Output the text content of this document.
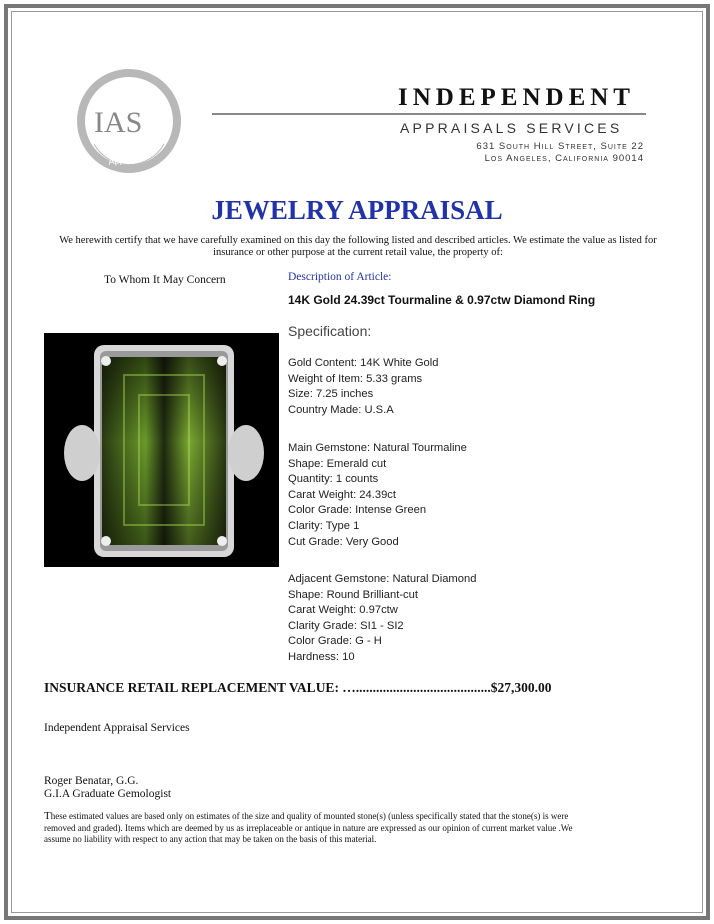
IAS
Appraisal
INDEPENDENT
APPRAISALS SERVICES
631 South Hill Street, Suite 22
Los Angeles, California 90014
JEWELRY APPRAISAL
We herewith certify that we have carefully examined on this day the following listed and described articles. We estimate the value as listed for insurance or other purpose at the current retail value, the property of:
To Whom It May Concern	Description of Article:
14K Gold 24.39ct Tourmaline & 0.97ctw Diamond Ring
Specification:
Gold Content: 14K White Gold
Weight of Item: 5.33 grams
Size: 7.25 inches
Country Made: U.S.A
Main Gemstone: Natural Tourmaline
Shape: Emerald cut
Quantity: 1 counts
Carat Weight: 24.39ct
Color Grade: Intense Green
Clarity: Type 1
Cut Grade: Very Good
Adjacent Gemstone: Natural Diamond
Shape: Round Brilliant-cut
Carat Weight: 0.97ctw
Clarity Grade: SI1 - SI2
Color Grade: G - H
Hardness: 10
INSURANCE RETAIL REPLACEMENT VALUE: …........................................$27,300.00
Independent Appraisal Services
Roger Benatar, G.G.
G.I.A Graduate Gemologist
These estimated values are based only on estimates of the size and quality of mounted stone(s) (unless specifically stated that the stone(s) is were removed and graded). Items which are deemed by us as irreplaceable or antique in nature are expressed as our opinion of current market value .We assume no liability with respect to any action that may be taken on the basis of this material.
